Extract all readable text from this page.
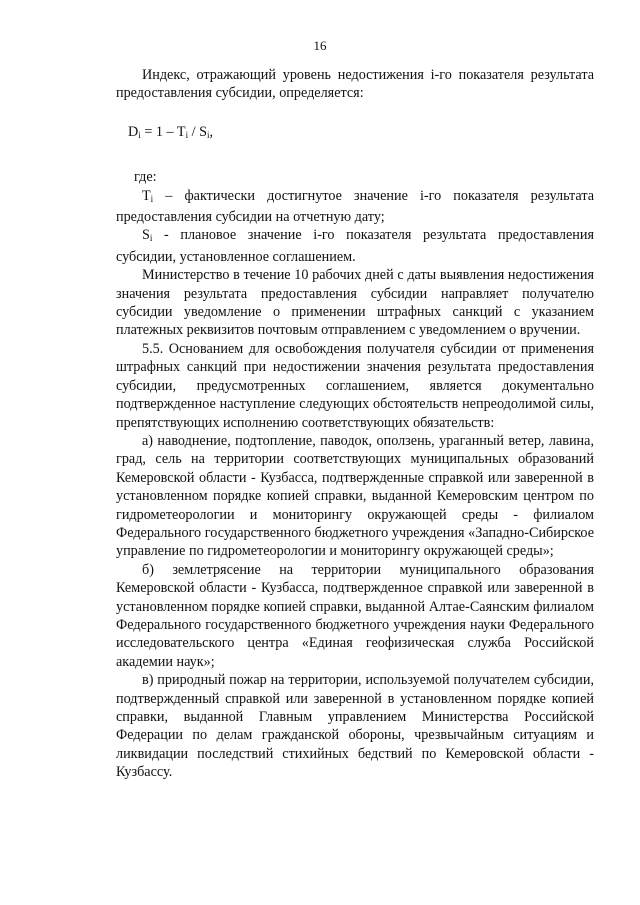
16

Индекс, отражающий уровень недостижения i-го показателя результата предоставления субсидии, определяется:

$D_i = 1 - T_i / S_i$,

где:

$T_i$ – фактически достигнутое значение i-го показателя результата предоставления субсидии на отчетную дату;

$S_i$ - плановое значение i-го показателя результата предоставления субсидии, установленное соглашением.

Министерство в течение 10 рабочих дней с даты выявления недостижения значения результата предоставления субсидии направляет получателю субсидии уведомление о применении штрафных санкций с указанием платежных реквизитов почтовым отправлением с уведомлением о вручении.

5.5. Основанием для освобождения получателя субсидии от применения штрафных санкций при недостижении значения результата предоставления субсидии, предусмотренных соглашением, является документально подтвержденное наступление следующих обстоятельств непреодолимой силы, препятствующих исполнению соответствующих обязательств:

а) наводнение, подтопление, паводок, оползень, ураганный ветер, лавина, град, сель на территории соответствующих муниципальных образований Кемеровской области - Кузбасса, подтвержденные справкой или заверенной в установленном порядке копией справки, выданной Кемеровским центром по гидрометеорологии и мониторингу окружающей среды - филиалом Федерального государственного бюджетного учреждения «Западно-Сибирское управление по гидрометеорологии и мониторингу окружающей среды»;

б) землетрясение на территории муниципального образования Кемеровской области - Кузбасса, подтвержденное справкой или заверенной в установленном порядке копией справки, выданной Алтае-Саянским филиалом Федерального государственного бюджетного учреждения науки Федерального исследовательского центра «Единая геофизическая служба Российской академии наук»;

в) природный пожар на территории, используемой получателем субсидии, подтвержденный справкой или заверенной в установленном порядке копией справки, выданной Главным управлением Министерства Российской Федерации по делам гражданской обороны, чрезвычайным ситуациям и ликвидации последствий стихийных бедствий по Кемеровской области - Кузбассу.
